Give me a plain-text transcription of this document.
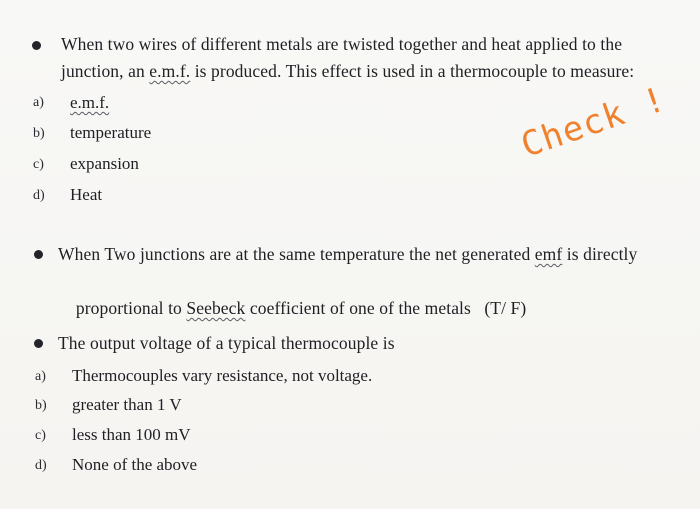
When two wires of different metals are twisted together and heat applied to the
junction, an e.m.f. is produced. This effect is used in a thermocouple to measure:
a) e.m.f.
b) temperature
c) expansion
d) Heat
Check !
When Two junctions are at the same temperature the net generated emf is directly

proportional to Seebeck coefficient of one of the metals   (T/ F)

The output voltage of a typical thermocouple is
a) Thermocouples vary resistance, not voltage.
b) greater than 1 V
c) less than 100 mV
d) None of the above
